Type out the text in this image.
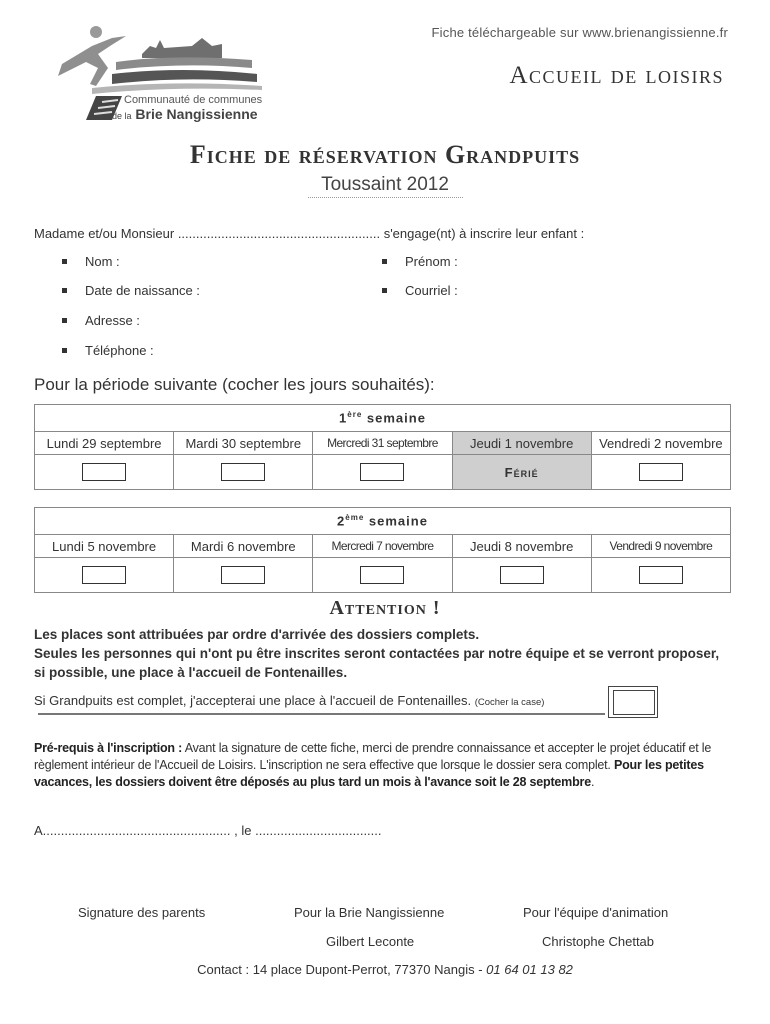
Fiche téléchargeable sur www.brienangissienne.fr
Communauté de communes
de la Brie Nangissienne
Accueil de loisirs
Fiche de réservation Grandpuits
Toussaint 2012
Madame et/ou Monsieur ........................................................ s'engage(nt) à inscrire leur enfant :
Nom :	Prénom :
Date de naissance :	Courriel :
Adresse :
Téléphone :
Pour la période suivante (cocher les jours souhaités):
1ère semaine				
Lundi 29 septembre	Mardi 30 septembre	Mercredi 31 septembre	Jeudi 1 novembre	Vendredi 2 novembre
			Férié	
2ème semaine				
Lundi 5 novembre	Mardi 6 novembre	Mercredi 7 novembre	Jeudi 8 novembre	Vendredi 9 novembre

Attention !
Les places sont attribuées par ordre d'arrivée des dossiers complets.
Seules les personnes qui n'ont pu être inscrites seront contactées par notre équipe et se verront proposer, si possible, une place à l'accueil de Fontenailles.
Si Grandpuits est complet, j'accepterai une place à l'accueil de Fontenailles. (Cocher la case)
Pré-requis à l'inscription : Avant la signature de cette fiche, merci de prendre connaissance et accepter le projet éducatif et le règlement intérieur de l'Accueil de Loisirs. L'inscription ne sera effective que lorsque le dossier sera complet. Pour les petites vacances, les dossiers doivent être déposés au plus tard un mois à l'avance soit le 28 septembre.
A.................................................... , le ...................................
Signature des parents	Pour la Brie Nangissienne
Gilbert Leconte
Pour l'équipe d'animation
Christophe Chettab
Contact : 14 place Dupont-Perrot, 77370 Nangis - 01 64 01 13 82
